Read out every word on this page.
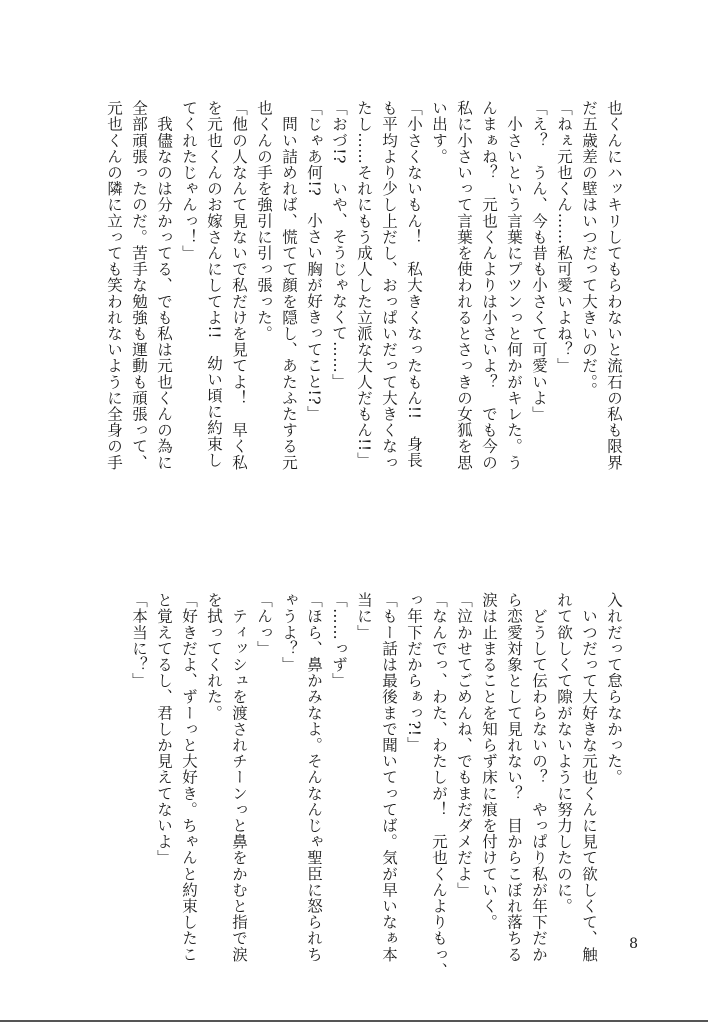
也くんにハッキリしてもらわないと流石の私も限界

だ五歳差の壁はいつだって大きいのだ。。

「ねぇ元也くん……私可愛いよね？」

「え？　うん、今も昔も小さくて可愛いよ」

　小さいという言葉にプツンっと何かがキレた。う

んまぁね？　元也くんよりは小さいよ？　でも今の

私に小さいって言葉を使われるとさっきの女狐を思

い出す。

「小さくないもん！　私大きくなったもん!!　身長

も平均より少し上だし、おっぱいだって大きくなっ

たし……それにもう成人した立派な大人だもん!!」

「おづ!?　いや、そうじゃなくて……」

「じゃあ何!?　小さい胸が好きってこと!?」

　問い詰めれば、慌てて顔を隠し、あたふたする元

也くんの手を強引に引っ張った。

「他の人なんて見ないで私だけを見てよ！　早く私

を元也くんのお嫁さんにしてよ!!　幼い頃に約束し

てくれたじゃんっ！」

　我儘なのは分かってる、でも私は元也くんの為に

全部頑張ったのだ。苦手な勉強も運動も頑張って、

元也くんの隣に立っても笑われないように全身の手

入れだって怠らなかった。

　いつだって大好きな元也くんに見て欲しくて、触

れて欲しくて隙がないように努力したのに。

　どうして伝わらないの？　やっぱり私が年下だか

ら恋愛対象として見れない？　目からこぼれ落ちる

涙は止まることを知らず床に痕を付けていく。

「泣かせてごめんね、でもまだダメだよ」

「なんでっ、わた、わたしが！　元也くんよりもっ、

っ年下だからぁっ?!」

「もー話は最後まで聞いてってば。気が早いなぁ本

当に」

「……っず」

「ほら、鼻かみなよ。そんなんじゃ聖臣に怒られち

ゃうよ？」

「んっ」

　ティッシュを渡されチーンっと鼻をかむと指で涙

を拭ってくれた。

「好きだよ、ずーっと大好き。ちゃんと約束したこ

と覚えてるし、君しか見えてないよ」

「本当に？」

8
